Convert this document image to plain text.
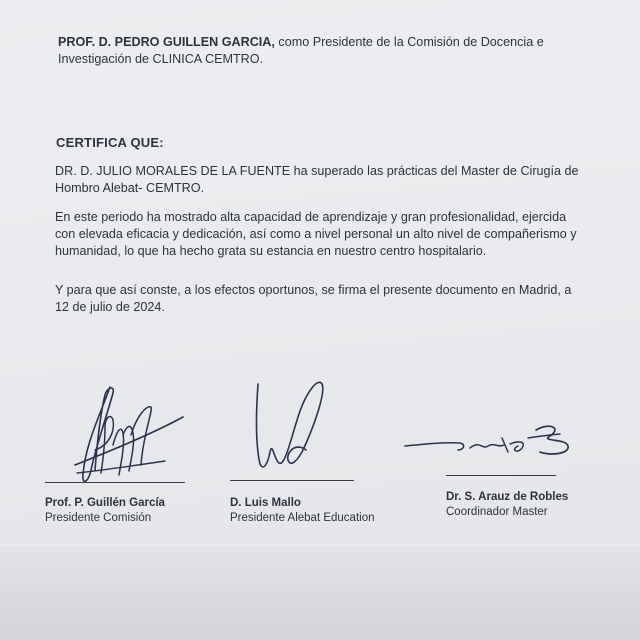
PROF. D. PEDRO GUILLEN GARCIA, como Presidente de la Comisión de Docencia e Investigación de CLINICA CEMTRO.
CERTIFICA QUE:
DR. D. JULIO MORALES DE LA FUENTE ha superado las prácticas del Master de Cirugía de Hombro Alebat- CEMTRO.
En este periodo ha mostrado alta capacidad de aprendizaje y gran profesionalidad, ejercida con elevada eficacia y dedicación, así como a nivel personal un alto nivel de compañerismo y humanidad, lo que ha hecho grata su estancia en nuestro centro hospitalario.
Y para que así conste, a los efectos oportunos, se firma el presente documento en Madrid, a 12 de julio de 2024.
Prof. P. Guillén García
Presidente Comisión
D. Luis Mallo
Presidente Alebat Education
Dr. S. Arauz de Robles
Coordinador Master
